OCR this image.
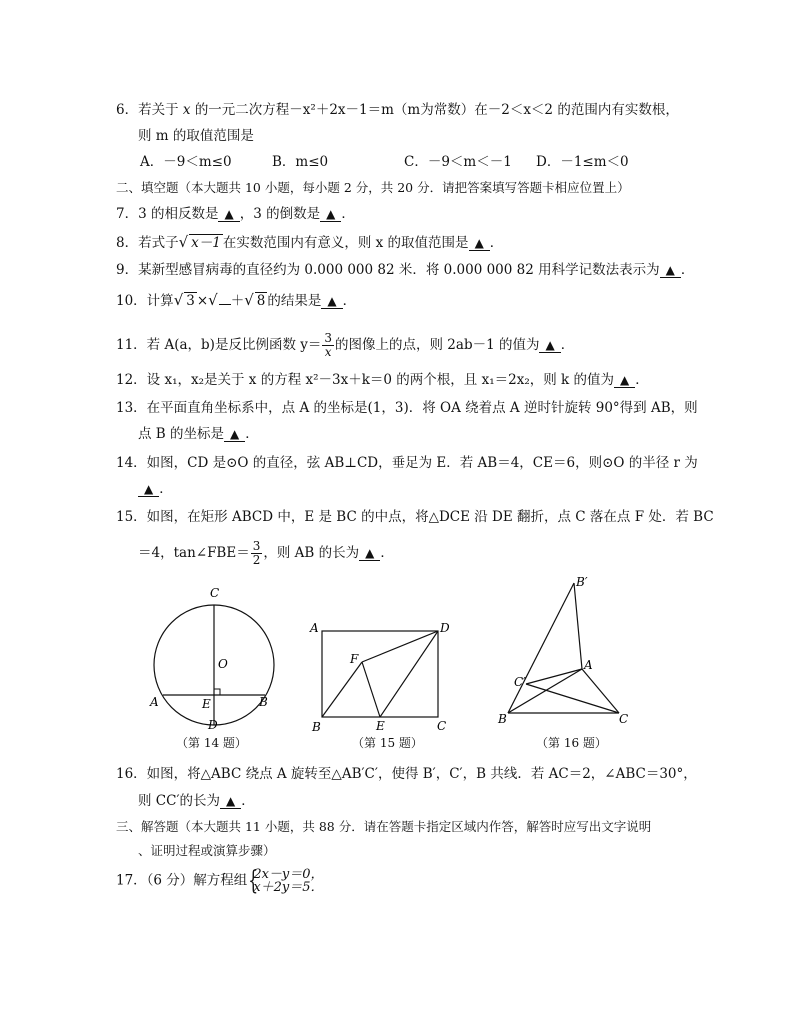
6．若关于 x 的一元二次方程－x²＋2x－1＝m（m为常数）在－2＜x＜2 的范围内有实数根，
则 m 的取值范围是
A．－9＜m≤0	B．m≤0	C．－9＜m＜－1 D．－1≤m＜0
二、填空题（本大题共 10 小题，每小题 2 分，共 20 分．请把答案填写答题卡相应位置上）
7．3 的相反数是 ▲ ，3 的倒数是 ▲ ．
8．若式子√ x－1 在实数范围内有意义，则 x 的取值范围是 ▲ ．
9．某新型感冒病毒的直径约为 0.000 000 82 米．将 0.000 000 82 用科学记数法表示为 ▲ ．
10．计算√ 3 ×√ ＋√ 8 的结果是 ▲ ．
11．若 A(a，b)是反比例函数 $y= \frac{3}{x}$ 的图像上的点，则 2ab－1 的值为 ▲ ．
12．设 x₁，x₂是关于 x 的方程 x²－3x＋k＝0 的两个根，且 x₁＝2x₂，则 k 的值为 ▲ ．
13．在平面直角坐标系中，点 A 的坐标是(1，3)．将 OA 绕着点 A 逆时针旋转 90°得到 AB，则
点 B 的坐标是 ▲ ．
14．如图，CD 是⊙O 的直径，弦 AB⊥CD，垂足为 E．若 AB＝4，CE＝6，则⊙O 的半径 r 为
▲ ．
15．如图，在矩形 ABCD 中，E 是 BC 的中点，将△DCE 沿 DE 翻折，点 C 落在点 F 处．若 BC
＝4，tan∠FBE＝ $\frac{3}{2}$ ，则 AB 的长为 ▲ ．
C
O
A	B
E
D
（第 14 题）
A	D
F
B	E	C
（第 15 题）
B′
A
C′
B	C
（第 16 题）
16．如图，将△ABC 绕点 A 旋转至△AB′C′，使得 B′，C′，B 共线．若 AC＝2，∠ABC＝30°，
则 CC′的长为 ▲ ．
三、解答题（本大题共 11 小题，共 88 分．请在答题卡指定区域内作答，解答时应写出文字说明
、证明过程或演算步骤）
17．（6 分）解方程组 {
2x－y＝0，
x＋2y＝5．
